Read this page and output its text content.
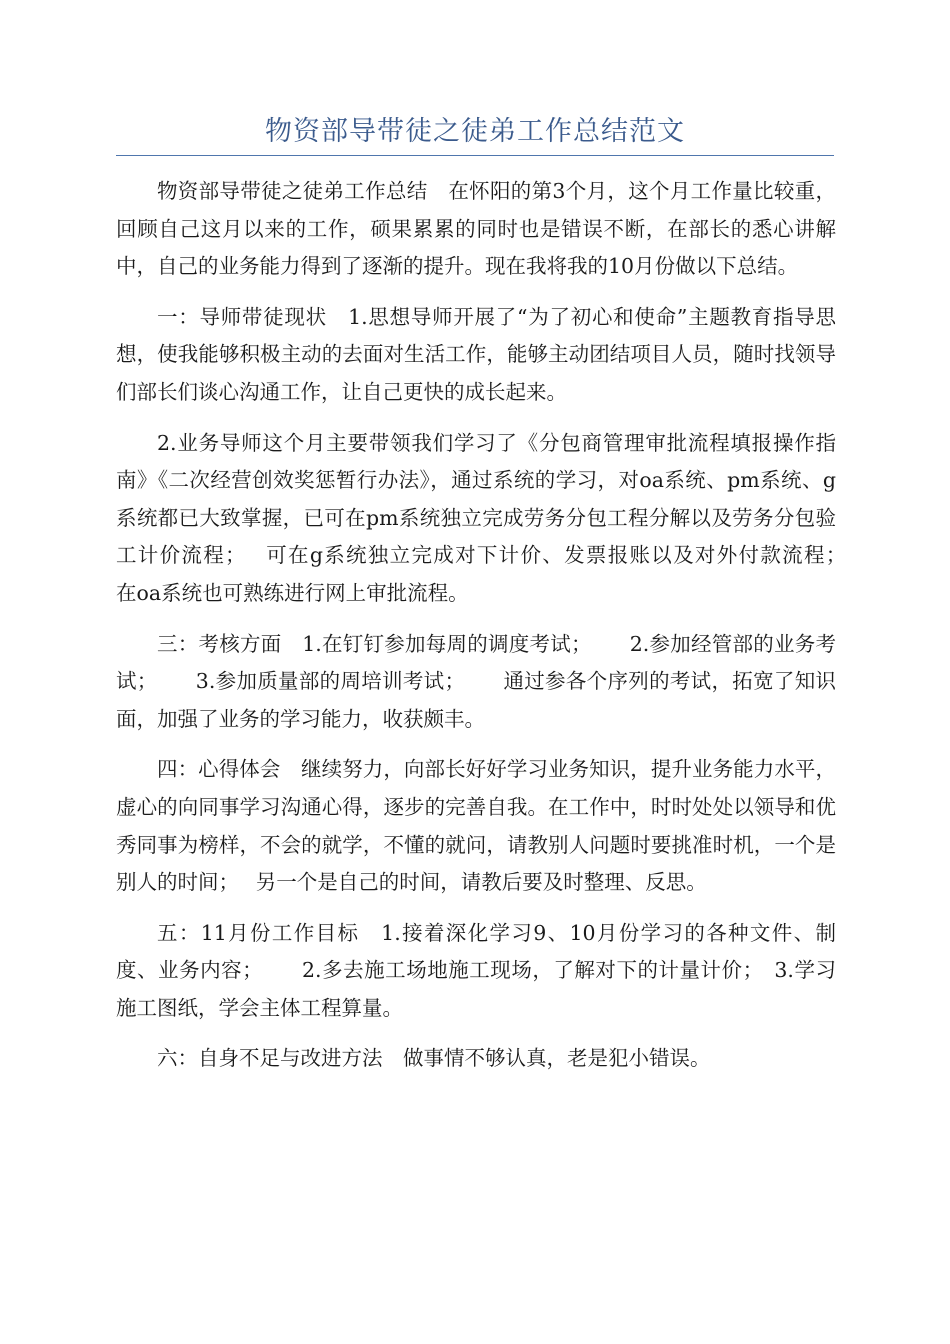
物资部导带徒之徒弟工作总结范文

物资部导带徒之徒弟工作总结　在怀阳的第3个月，这个月工作量比较重，回顾自己这月以来的工作，硕果累累的同时也是错误不断，在部长的悉心讲解中，自己的业务能力得到了逐渐的提升。现在我将我的10月份做以下总结。

一：导师带徒现状　1.思想导师开展了“为了初心和使命”主题教育指导思想，使我能够积极主动的去面对生活工作，能够主动团结项目人员，随时找领导们部长们谈心沟通工作，让自己更快的成长起来。

2.业务导师这个月主要带领我们学习了《分包商管理审批流程填报操作指南》《二次经营创效奖惩暂行办法》，通过系统的学习，对oa系统、pm系统、g系统都已大致掌握，已可在pm系统独立完成劳务分包工程分解以及劳务分包验工计价流程；　 可在g系统独立完成对下计价、发票报账以及对外付款流程；　 在oa系统也可熟练进行网上审批流程。

三：考核方面　1.在钉钉参加每周的调度考试；　　 2.参加经管部的业务考试；　　 3.参加质量部的周培训考试；　　 通过参各个序列的考试，拓宽了知识面，加强了业务的学习能力，收获颇丰。

四：心得体会　继续努力，向部长好好学习业务知识，提升业务能力水平，虚心的向同事学习沟通心得，逐步的完善自我。在工作中，时时处处以领导和优秀同事为榜样，不会的就学，不懂的就问，请教别人问题时要挑准时机，一个是别人的时间；　 另一个是自己的时间，请教后要及时整理、反思。

五：11月份工作目标　1.接着深化学习9、10月份学习的各种文件、制度、业务内容；　　 2.多去施工场地施工现场，了解对下的计量计价；　3.学习施工图纸，学会主体工程算量。

六：自身不足与改进方法　做事情不够认真，老是犯小错误。
